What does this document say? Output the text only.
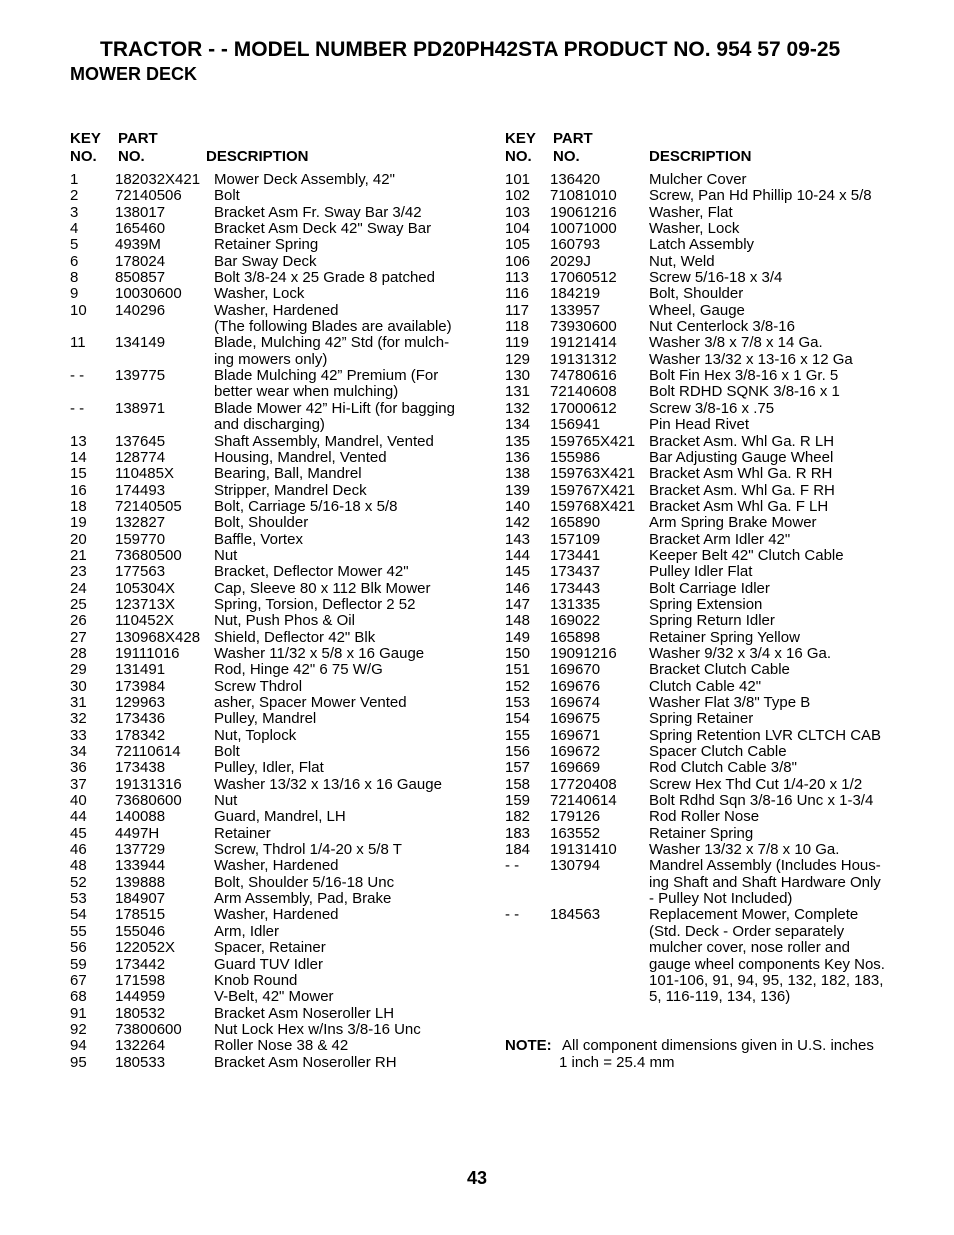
TRACTOR - - MODEL NUMBER PD20PH42STA PRODUCT NO. 954 57 09-25
MOWER DECK
KEY
NO.
PART
NO.	DESCRIPTION
1 182032X421 Mower Deck Assembly, 42"
2 72140506 Bolt
3 138017	Bracket Asm Fr. Sway Bar 3/42
4 165460	Bracket Asm Deck 42" Sway Bar
5 4939M	Retainer Spring
6 178024	Bar Sway Deck
8 850857	Bolt 3/8-24 x 25 Grade 8 patched
9 10030600 Washer, Lock
10 140296	Washer, Hardened
(The following Blades are available)
11 134149	Blade, Mulching 42” Std (for mulch-
ing mowers only)
- - 139775	Blade Mulching 42” Premium (For
better wear when mulching)
- - 138971	Blade Mower 42” Hi-Lift (for bagging
and discharging)
13 137645	Shaft Assembly, Mandrel, Vented
14 128774	Housing, Mandrel, Vented
15 110485X	Bearing, Ball, Mandrel
16 174493	Stripper, Mandrel Deck
18 72140505 Bolt, Carriage 5/16-18 x 5/8
19 132827	Bolt, Shoulder
20 159770	Baffle, Vortex
21 73680500 Nut
23 177563	Bracket, Deflector Mower 42"
24 105304X	Cap, Sleeve 80 x 112 Blk Mower
25 123713X	Spring, Torsion, Deflector 2 52
26 110452X	Nut, Push Phos & Oil
27 130968X428 Shield, Deflector 42" Blk
28 19111016 Washer 11/32 x 5/8 x 16 Gauge
29 131491	Rod, Hinge 42" 6 75 W/G
30 173984	Screw Thdrol
31 129963	asher, Spacer Mower Vented
32 173436	Pulley, Mandrel
33 178342	Nut, Toplock
34 72110614 Bolt
36 173438	Pulley, Idler, Flat
37 19131316 Washer 13/32 x 13/16 x 16 Gauge
40 73680600 Nut
44 140088	Guard, Mandrel, LH
45 4497H	Retainer
46 137729	Screw, Thdrol 1/4-20 x 5/8 T
48 133944	Washer, Hardened
52 139888	Bolt, Shoulder 5/16-18 Unc
53 184907	Arm Assembly, Pad, Brake
54 178515	Washer, Hardened
55 155046	Arm, Idler
56 122052X	Spacer, Retainer
59 173442	Guard TUV Idler
67 171598	Knob Round
68 144959	V-Belt, 42" Mower
91 180532	Bracket Asm Noseroller LH
92 73800600 Nut Lock Hex w/Ins 3/8-16 Unc
94 132264	Roller Nose 38 & 42
95 180533	Bracket Asm Noseroller RH
KEY
NO.
PART
NO.	DESCRIPTION
101 136420	Mulcher Cover
102 71081010 Screw, Pan Hd Phillip 10-24 x 5/8
103 19061216 Washer, Flat
104 10071000 Washer, Lock
105 160793	Latch Assembly
106 2029J	Nut, Weld
113 17060512 Screw 5/16-18 x 3/4
116 184219	Bolt, Shoulder
117 133957	Wheel, Gauge
118 73930600 Nut Centerlock 3/8-16
119 19121414 Washer 3/8 x 7/8 x 14 Ga.
129 19131312 Washer 13/32 x 13-16 x 12 Ga
130 74780616 Bolt Fin Hex 3/8-16 x 1 Gr. 5
131 72140608 Bolt RDHD SQNK 3/8-16 x 1
132 17000612 Screw 3/8-16 x .75
134 156941	Pin Head Rivet
135 159765X421 Bracket Asm. Whl Ga. R LH
136 155986	Bar Adjusting Gauge Wheel
138 159763X421 Bracket Asm Whl Ga. R RH
139 159767X421 Bracket Asm. Whl Ga. F RH
140 159768X421 Bracket Asm Whl Ga. F LH
142 165890	Arm Spring Brake Mower
143 157109	Bracket Arm Idler 42"
144 173441	Keeper Belt 42" Clutch Cable
145 173437	Pulley Idler Flat
146 173443	Bolt Carriage Idler
147 131335	Spring Extension
148 169022	Spring Return Idler
149 165898	Retainer Spring Yellow
150 19091216 Washer 9/32 x 3/4 x 16 Ga.
151 169670	Bracket Clutch Cable
152 169676	Clutch Cable 42"
153 169674	Washer Flat 3/8" Type B
154 169675	Spring Retainer
155 169671	Spring Retention LVR CLTCH CAB
156 169672	Spacer Clutch Cable
157 169669	Rod Clutch Cable 3/8"
158 17720408 Screw Hex Thd Cut 1/4-20 x 1/2
159 72140614 Bolt Rdhd Sqn 3/8-16 Unc x 1-3/4
182 179126	Rod Roller Nose
183 163552	Retainer Spring
184 19131410 Washer 13/32 x 7/8 x 10 Ga.
- - 130794	Mandrel Assembly (Includes Hous-
ing Shaft and Shaft Hardware Only
- Pulley Not Included)
- - 184563	Replacement Mower, Complete
(Std. Deck - Order separately
mulcher cover, nose roller and
gauge wheel components Key Nos.
101-106, 91, 94, 95, 132, 182, 183,
5, 116-119, 134, 136)
NOTE: All component dimensions given in U.S. inches
1 inch = 25.4 mm
43
